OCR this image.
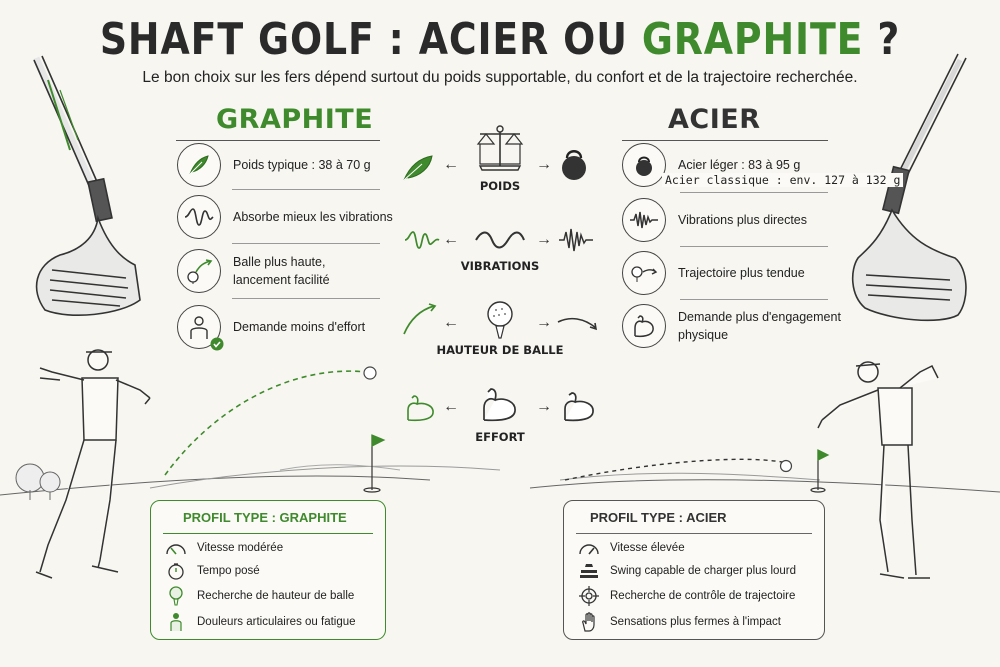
SHAFT GOLF : ACIER OU GRAPHITE ?
Le bon choix sur les fers dépend surtout du poids supportable, du confort et de la trajectoire recherchée.
GRAPHITE
Poids typique : 38 à 70 g
Absorbe mieux les vibrations
Balle plus haute,
lancement facilité
Demande moins d'effort
ACIER
Acier léger : 83 à 95 g
Acier classique : env. 127 à 132 g
Vibrations plus directes
Trajectoire plus tendue
Demande plus d'engagement
physique
←
POIDS
→
←
VIBRATIONS
→
←
HAUTEUR DE BALLE
→
←
EFFORT
→
PROFIL TYPE : GRAPHITE
Vitesse modérée
Tempo posé
Recherche de hauteur de balle
Douleurs articulaires ou fatigue
PROFIL TYPE : ACIER
Vitesse élevée
Swing capable de charger plus lourd
Recherche de contrôle de trajectoire
Sensations plus fermes à l'impact
